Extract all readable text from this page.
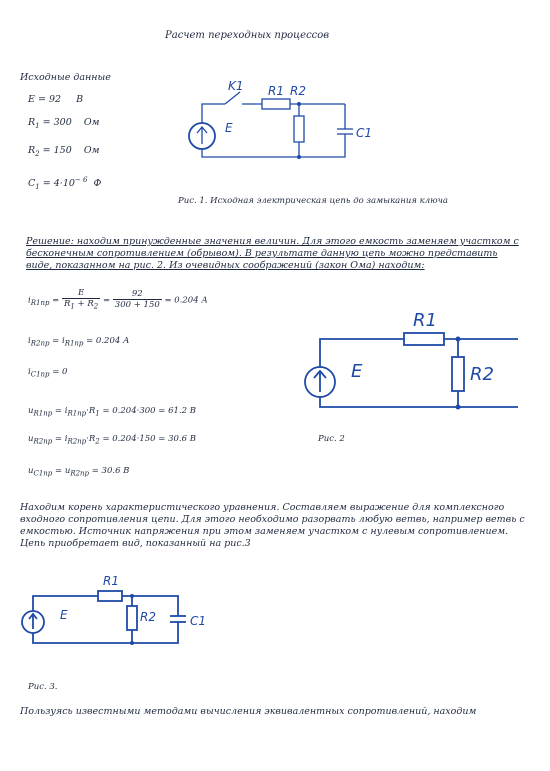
Расчет переходных процессов
Исходные данные
E = 92 В
$R_1 = 300$ Ом
$R_2 = 150$ Ом
$C_1 = 4\cdot 10^{- 6}$ Ф
K1 R1 R2
E	C1
Рис. 1. Исходная электрическая цепь до замыкания ключа
Решение: находим принужденные значения величин. Для этого емкость заменяем участком с бесконечным сопротивлением (обрывом). В результате данную цепь можно представить виде, показанном на рис. 2. Из очевидных соображений (закон Ома) находим:
$i_{R1пр} = \frac{E}{R_1 + R_2} = \frac{92}{300 + 150} = 0.204$ А
$i_{R2пр} = i_{R1пр} = 0.204$ А
$i_{C1пр} = 0$
$u_{R1пр} = i_{R1пр}\cdot R_1 = 0.204\cdot 300 = 61.2$ В
$u_{R2пр} = i_{R2пр}\cdot R_2 = 0.204\cdot 150 = 30.6$ В
$u_{C1пр} = u_{R2пр} = 30.6$ В
R1
R2
E
Рис. 2
Находим корень характеристического уравнения. Составляем выражение для комплексного входного сопротивления цепи. Для этого необходимо разорвать любую ветвь, например ветвь с емкостью. Источник напряжения при этом заменяем участком с нулевым сопротивлением. Цепь приобретает вид, показанный на рис.3
R1
R2
E	C1
Рис. 3.
Пользуясь известными методами вычисления эквивалентных сопротивлений, находим
